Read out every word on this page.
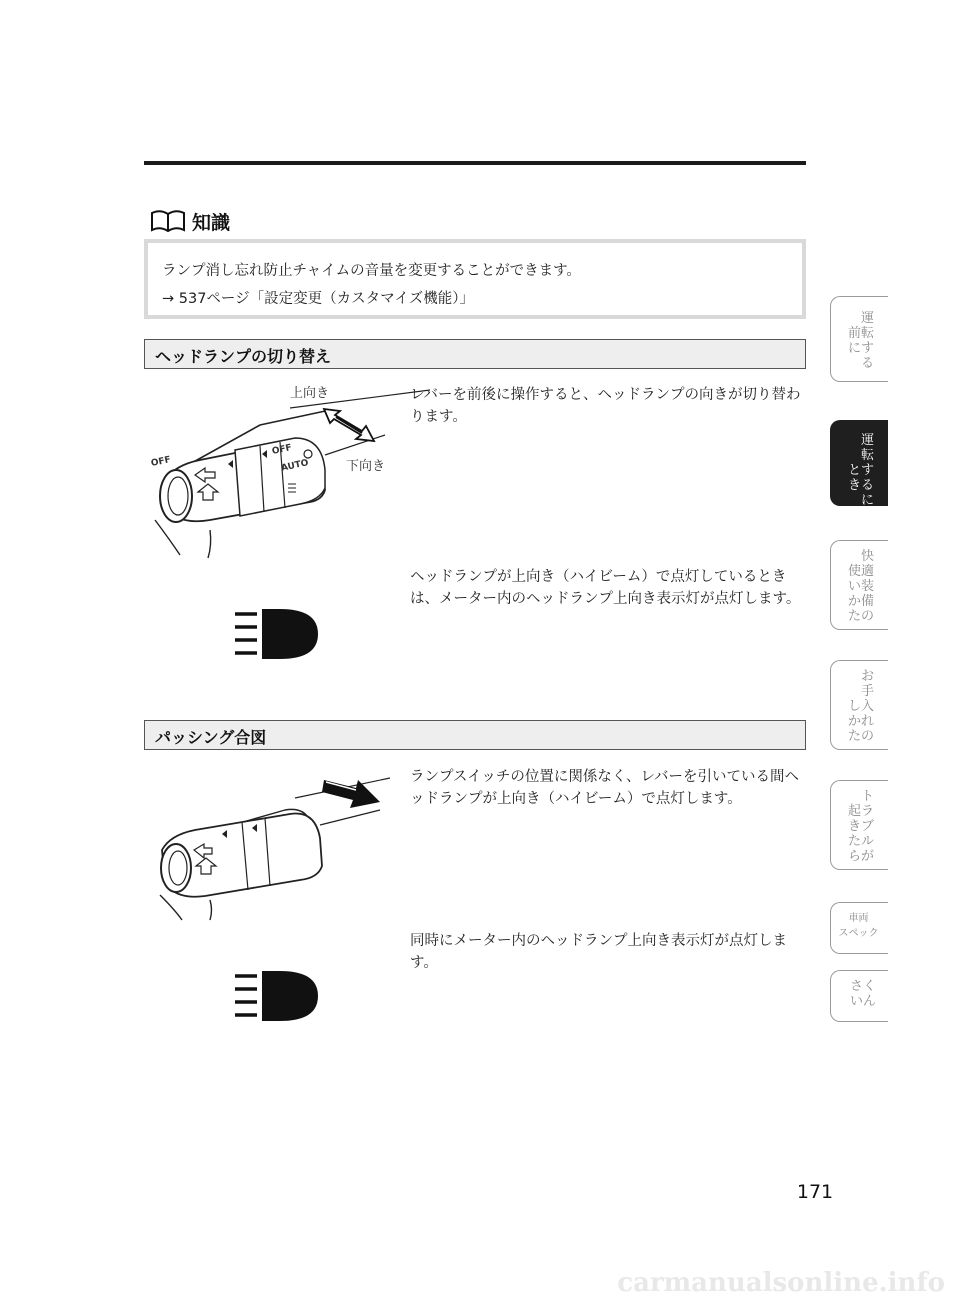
知識
ランプ消し忘れ防止チャイムの音量を変更することができます。
→ 537ページ「設定変更（カスタマイズ機能）」
ヘッドランプの切り替え
OFF
OFF
AUTO
上向き
下向き
レバーを前後に操作すると、ヘッドランプの向きが切り替わります。
ヘッドランプが上向き（ハイビーム）で点灯しているときは、メーター内のヘッドランプ上向き表示灯が点灯します。
パッシング合図
ランプスイッチの位置に関係なく、レバーを引いている間ヘッドランプが上向き（ハイビーム）で点灯します。
同時にメーター内のヘッドランプ上向き表示灯が点灯します。
運
前転
にす
る
運
転
とす
きる
に
快
使適
い装
か備
たの
お
手
し入
かれ
たの
ト
起ラ
きブ
たル
らが
車両
スペック
さく
いん
171
carmanualsonline.info
